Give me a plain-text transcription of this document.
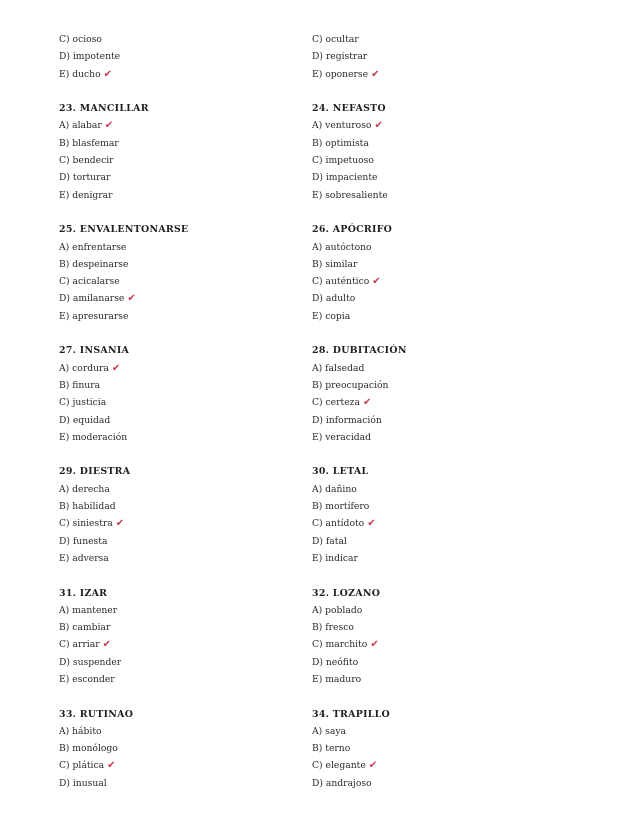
C) ocioso
D) impotente
E) ducho ✔
23. MANCILLAR
A) alabar ✔
B) blasfemar
C) bendecir
D) torturar
E) denigrar
25. ENVALENTONARSE
A) enfrentarse
B) despeinarse
C) acicalarse
D) amilanarse ✔
E) apresurarse
27. INSANIA
A) cordura ✔
B) finura
C) justicia
D) equidad
E) moderación
29. DIESTRA
A) derecha
B) habilidad
C) siniestra ✔
D) funesta
E) adversa
31. IZAR
A) mantener
B) cambiar
C) arriar ✔
D) suspender
E) esconder
33. RUTINAO
A) hábito
B) monólogo
C) plática ✔
D) inusual
C) ocultar
D) registrar
E) oponerse ✔
24. NEFASTO
A) venturoso ✔
B) optimista
C) impetuoso
D) impaciente
E) sobresaliente
26. APÓCRIFO
A) autóctono
B) similar
C) auténtico ✔
D) adulto
E) copia
28. DUBITACIÓN
A) falsedad
B) preocupación
C) certeza ✔
D) información
E) veracidad
30. LETAL
A) dañino
B) mortífero
C) antídoto ✔
D) fatal
E) indicar
32. LOZANO
A) poblado
B) fresco
C) marchito ✔
D) neófito
E) maduro
34. TRAPILLO
A) saya
B) terno
C) elegante ✔
D) andrajoso
